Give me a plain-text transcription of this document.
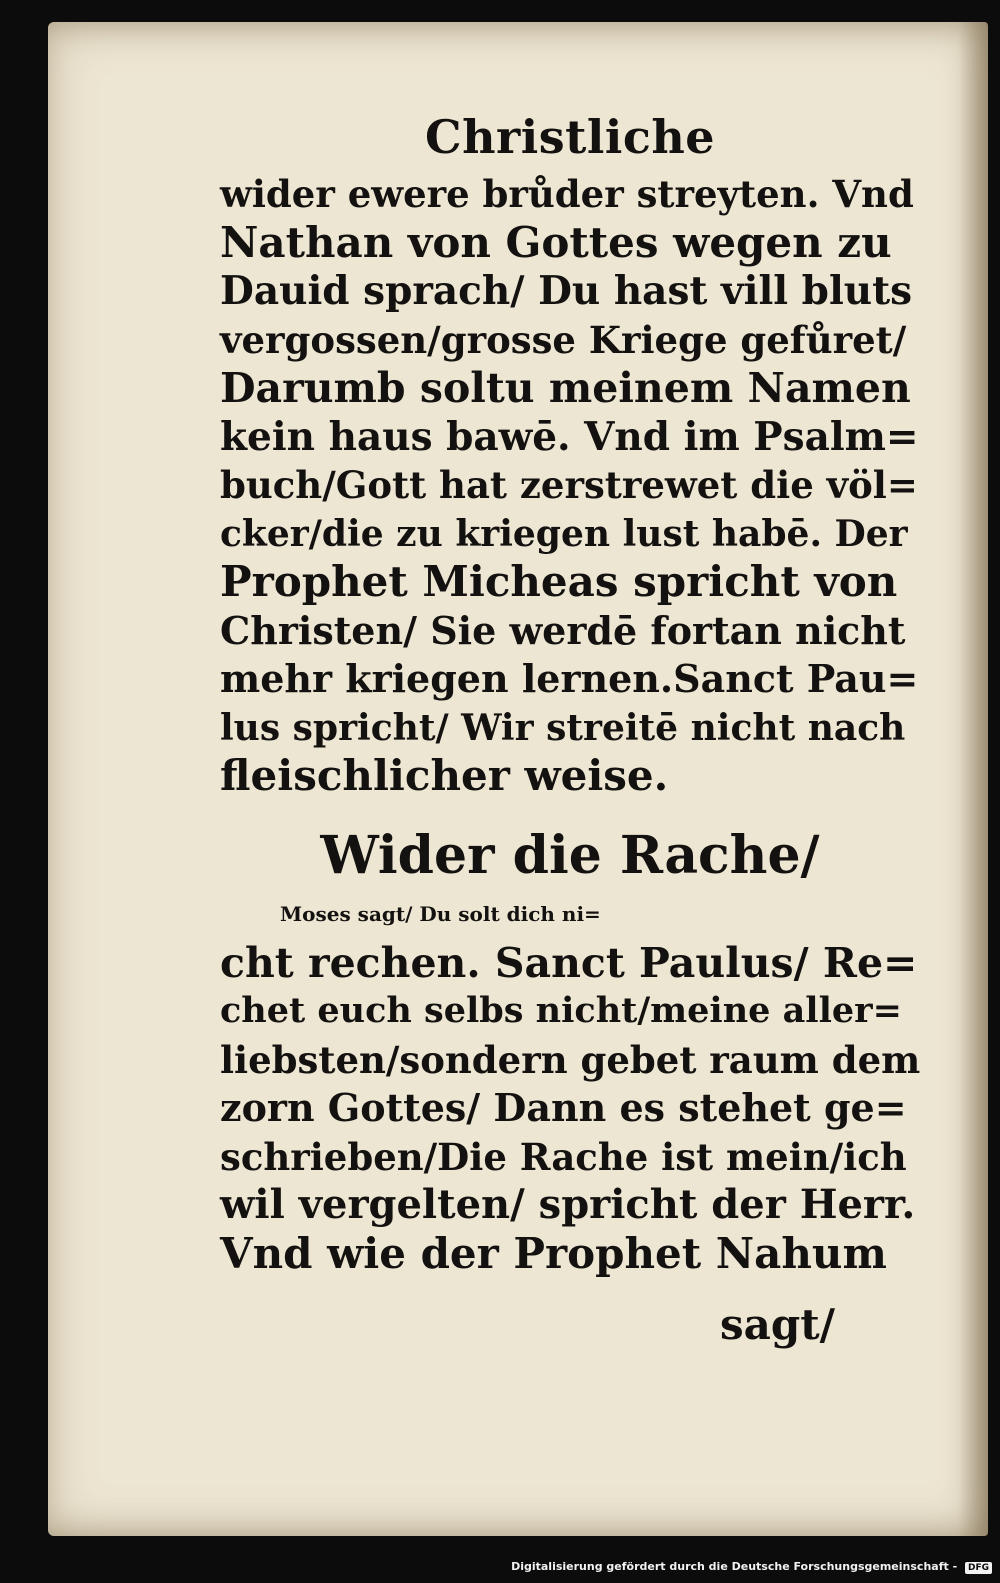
Christliche
wider ewere brůder streyten. Vnd
Nathan von Gottes wegen zu
Dauid sprach/ Du hast vill bluts
vergossen/grosse Kriege gefůret/
Darumb soltu meinem Namen
kein haus bawē. Vnd im Psalm=
buch/Gott hat zerstrewet die völ=
cker/die zu kriegen lust habē. Der
Prophet Micheas spricht von
Christen/ Sie werdē fortan nicht
mehr kriegen lernen.Sanct Pau=
lus spricht/ Wir streitē nicht nach
fleischlicher weise.
Wider die Rache/
Moses sagt/ Du solt dich ni=
cht rechen. Sanct Paulus/ Re=
chet euch selbs nicht/meine aller=
liebsten/sondern gebet raum dem
zorn Gottes/ Dann es stehet ge=
schrieben/Die Rache ist mein/ich
wil vergelten/ spricht der Herr.
Vnd wie der Prophet Nahum
sagt/
Digitalisierung gefördert durch die Deutsche Forschungsgemeinschaft - DFG
